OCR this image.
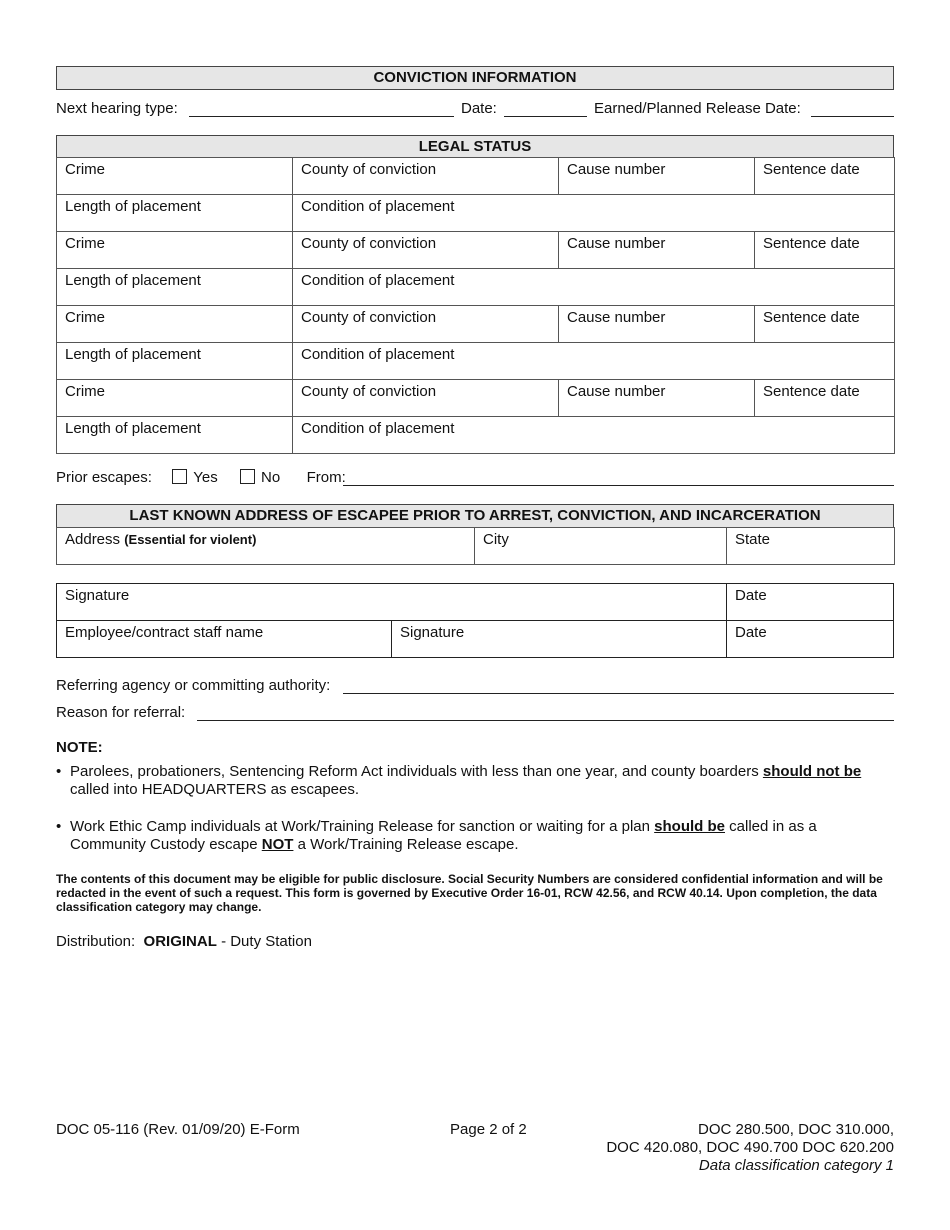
CONVICTION INFORMATION
Next hearing type:	Date:	Earned/Planned Release Date:
LEGAL STATUS
Crime	County of conviction	Cause number	Sentence date
Length of placement	Condition of placement		
Crime	County of conviction	Cause number	Sentence date
Length of placement	Condition of placement		
Crime	County of conviction	Cause number	Sentence date
Length of placement	Condition of placement		
Crime	County of conviction	Cause number	Sentence date
Length of placement	Condition of placement		
Prior escapes:	Yes	No From:
LAST KNOWN ADDRESS OF ESCAPEE PRIOR TO ARREST, CONVICTION, AND INCARCERATION
Address (Essential for violent)	City	State
Signature		Date
Employee/contract staff name	Signature	Date
Referring agency or committing authority:
Reason for referral:
NOTE:
• Parolees, probationers, Sentencing Reform Act individuals with less than one year, and county boarders should not be
called into HEADQUARTERS as escapees.
• Work Ethic Camp individuals at Work/Training Release for sanction or waiting for a plan should be called in as a Community Custody escape NOT a Work/Training Release escape.
The contents of this document may be eligible for public disclosure. Social Security Numbers are considered confidential information and will be redacted in the event of such a request. This form is governed by Executive Order 16-01, RCW 42.56, and RCW 40.14. Upon completion, the data classification category may change.
Distribution: ORIGINAL - Duty Station
DOC 05-116 (Rev. 01/09/20) E-Form	Page 2 of 2	DOC 280.500, DOC 310.000,
DOC 420.080, DOC 490.700 DOC 620.200
Data classification category 1
